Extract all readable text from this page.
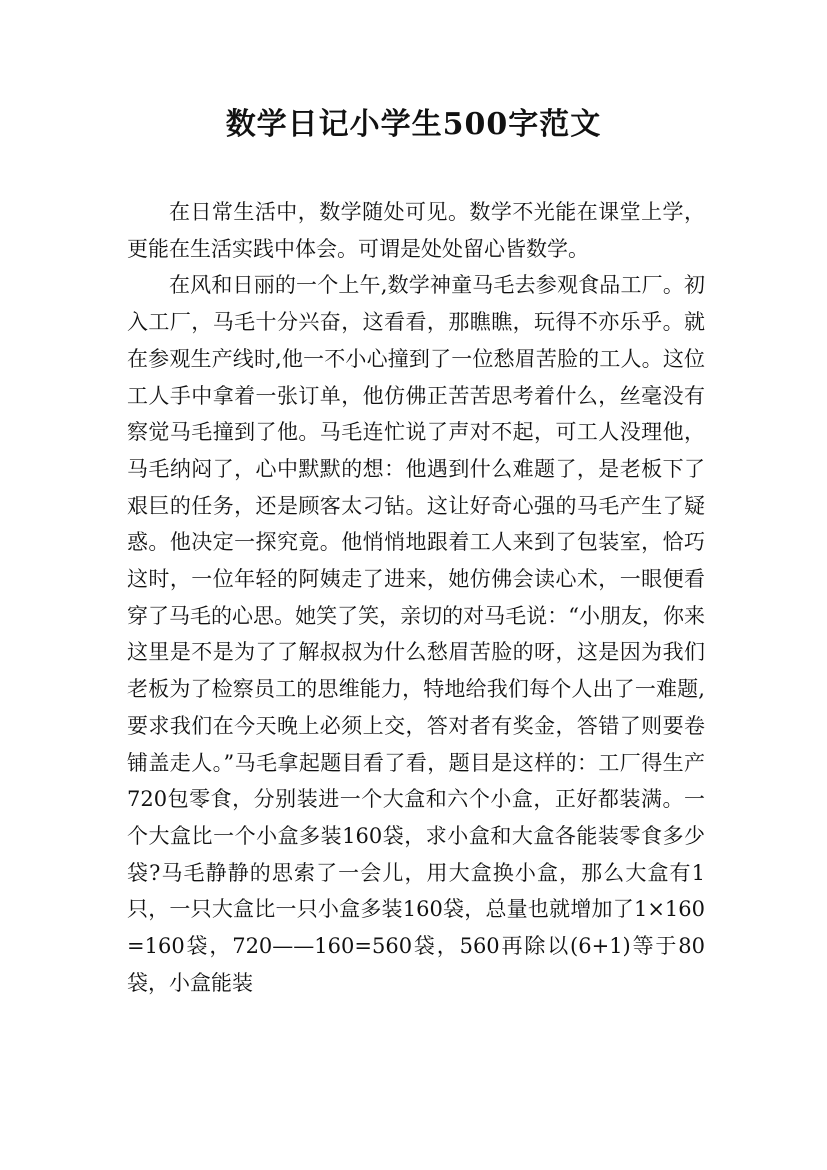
数学日记小学生500字范文

在日常生活中，数学随处可见。数学不光能在课堂上学，更能在生活实践中体会。可谓是处处留心皆数学。

在风和日丽的一个上午,数学神童马毛去参观食品工厂。初入工厂，马毛十分兴奋，这看看，那瞧瞧，玩得不亦乐乎。就在参观生产线时,他一不小心撞到了一位愁眉苦脸的工人。这位工人手中拿着一张订单，他仿佛正苦苦思考着什么，丝毫没有察觉马毛撞到了他。马毛连忙说了声对不起，可工人没理他，马毛纳闷了，心中默默的想：他遇到什么难题了，是老板下了艰巨的任务，还是顾客太刁钻。这让好奇心强的马毛产生了疑惑。他决定一探究竟。他悄悄地跟着工人来到了包装室，恰巧这时，一位年轻的阿姨走了进来，她仿佛会读心术，一眼便看穿了马毛的心思。她笑了笑，亲切的对马毛说：“小朋友，你来这里是不是为了了解叔叔为什么愁眉苦脸的呀，这是因为我们老板为了检察员工的思维能力，特地给我们每个人出了一难题,要求我们在今天晚上必须上交，答对者有奖金，答错了则要卷铺盖走人。”马毛拿起题目看了看，题目是这样的：工厂得生产720包零食，分别装进一个大盒和六个小盒，正好都装满。一个大盒比一个小盒多装160袋，求小盒和大盒各能装零食多少袋?马毛静静的思索了一会儿，用大盒换小盒，那么大盒有1只，一只大盒比一只小盒多装160袋，总量也就增加了1×160=160袋，720——160=560袋，560再除以(6+1)等于80袋，小盒能装
